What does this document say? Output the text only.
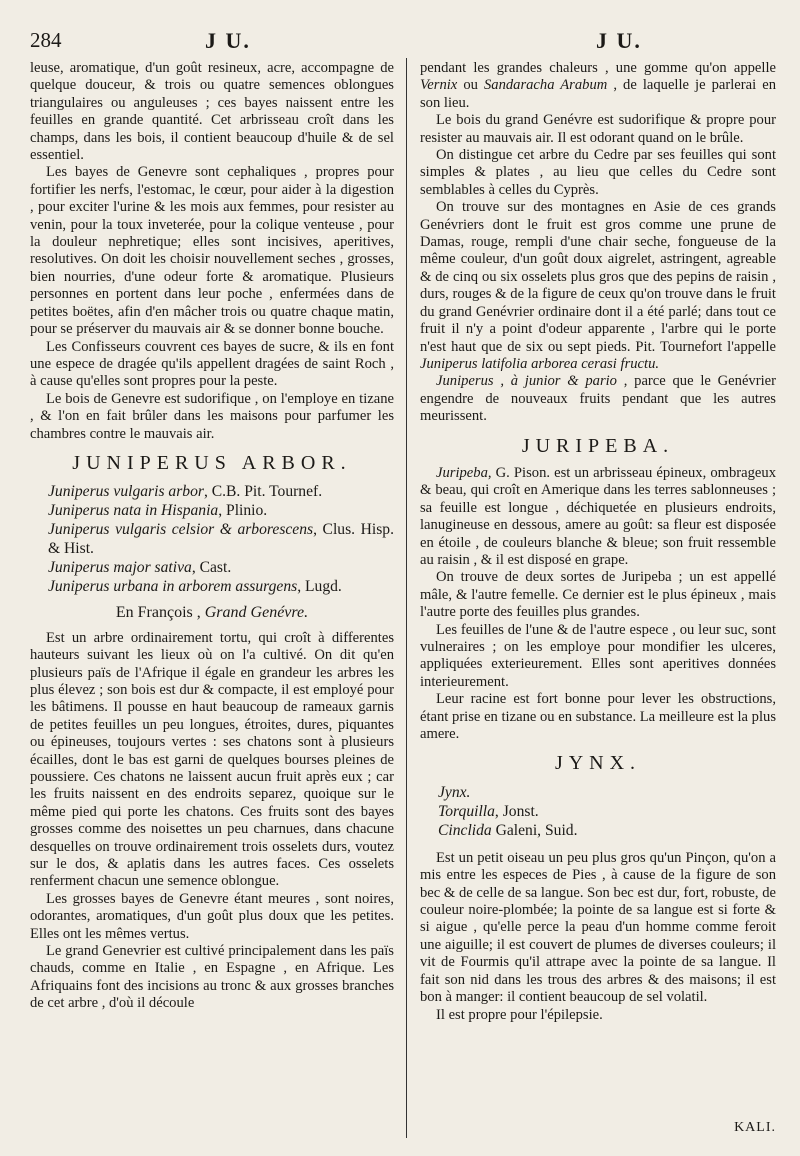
284	J U.	J U.

leuse, aromatique, d'un goût resineux, acre, accompagne de quelque douceur, & trois ou quatre semences oblongues triangulaires ou anguleuses ; ces bayes naissent entre les feuilles en grande quantité. Cet arbrisseau croît dans les champs, dans les bois, il contient beaucoup d'huile & de sel essentiel.

Les bayes de Genevre sont cephaliques , propres pour fortifier les nerfs, l'estomac, le cœur, pour aider à la digestion , pour exciter l'urine & les mois aux femmes, pour resister au venin, pour la toux inveterée, pour la colique venteuse , pour la douleur nephretique; elles sont incisives, aperitives, resolutives. On doit les choisir nouvellement seches , grosses, bien nourries, d'une odeur forte & aromatique. Plusieurs personnes en portent dans leur poche , enfermées dans de petites boëtes, afin d'en mâcher trois ou quatre chaque matin, pour se préserver du mauvais air & se donner bonne bouche.

Les Confisseurs couvrent ces bayes de sucre, & ils en font une espece de dragée qu'ils appellent dragées de saint Roch , à cause qu'elles sont propres pour la peste.

Le bois de Genevre est sudorifique , on l'employe en tizane , & l'on en fait brûler dans les maisons pour parfumer les chambres contre le mauvais air.

JUNIPERUS ARBOR.
Juniperus vulgaris arbor, C.B. Pit. Tournef.
Juniperus nata in Hispania, Plinio.
Juniperus vulgaris celsior & arborescens, Clus. Hisp. & Hist.
Juniperus major sativa, Cast.
Juniperus urbana in arborem assurgens, Lugd.
En François , Grand Genévre.

Est un arbre ordinairement tortu, qui croît à differentes hauteurs suivant les lieux où on l'a cultivé. On dit qu'en plusieurs païs de l'Afrique il égale en grandeur les arbres les plus élevez ; son bois est dur & compacte, il est employé pour les bâtimens. Il pousse en haut beaucoup de rameaux garnis de petites feuilles un peu longues, étroites, dures, piquantes ou épineuses, toujours vertes : ses chatons sont à plusieurs écailles, dont le bas est garni de quelques bourses pleines de poussiere. Ces chatons ne laissent aucun fruit après eux ; car les fruits naissent en des endroits separez, quoique sur le même pied qui porte les chatons. Ces fruits sont des bayes grosses comme des noisettes un peu charnues, dans chacune desquelles on trouve ordinairement trois osselets durs, voutez sur le dos, & aplatis dans les autres faces. Ces osselets renferment chacun une semence oblongue.

Les grosses bayes de Genevre étant meures , sont noires, odorantes, aromatiques, d'un goût plus doux que les petites. Elles ont les mêmes vertus.

Le grand Genevrier est cultivé principalement dans les païs chauds, comme en Italie , en Espagne , en Afrique. Les Afriquains font des incisions au tronc & aux grosses branches de cet arbre , d'où il découle

pendant les grandes chaleurs , une gomme qu'on appelle Vernix ou Sandaracha Arabum , de laquelle je parlerai en son lieu.

Le bois du grand Genévre est sudorifique & propre pour resister au mauvais air. Il est odorant quand on le brûle.

On distingue cet arbre du Cedre par ses feuilles qui sont simples & plates , au lieu que celles du Cedre sont semblables à celles du Cyprès.

On trouve sur des montagnes en Asie de ces grands Genévriers dont le fruit est gros comme une prune de Damas, rouge, rempli d'une chair seche, fongueuse de la même couleur, d'un goût doux aigrelet, astringent, agreable & de cinq ou six osselets plus gros que des pepins de raisin , durs, rouges & de la figure de ceux qu'on trouve dans le fruit du grand Genévrier ordinaire dont il a été parlé; dans tout ce fruit il n'y a point d'odeur apparente , l'arbre qui le porte n'est haut que de six ou sept pieds. Pit. Tournefort l'appelle Juniperus latifolia arborea cerasi fructu.

Juniperus , à junior & pario , parce que le Genévrier engendre de nouveaux fruits pendant que les autres meurissent.

JURIPEBA.

Juripeba, G. Pison. est un arbrisseau épineux, ombrageux & beau, qui croît en Amerique dans les terres sablonneuses ; sa feuille est longue , déchiquetée en plusieurs endroits, lanugineuse en dessous, amere au goût: sa fleur est disposée en étoile , de couleurs blanche & bleue; son fruit ressemble au raisin , & il est disposé en grape.

On trouve de deux sortes de Juripeba ; un est appellé mâle, & l'autre femelle. Ce dernier est le plus épineux , mais l'autre porte des feuilles plus grandes.

Les feuilles de l'une & de l'autre espece , ou leur suc, sont vulneraires ; on les employe pour mondifier les ulceres, appliquées exterieurement. Elles sont aperitives données interieurement.

Leur racine est fort bonne pour lever les obstructions, étant prise en tizane ou en substance. La meilleure est la plus amere.

JYNX.
Jynx.
Torquilla, Jonst.
Cinclida Galeni, Suid.

Est un petit oiseau un peu plus gros qu'un Pinçon, qu'on a mis entre les especes de Pies , à cause de la figure de son bec & de celle de sa langue. Son bec est dur, fort, robuste, de couleur noire-plombée; la pointe de sa langue est si forte & si aigue , qu'elle perce la peau d'un homme comme feroit une aiguille; il est couvert de plumes de diverses couleurs; il vit de Fourmis qu'il attrape avec la pointe de sa langue. Il fait son nid dans les trous des arbres & des maisons; il est bon à manger: il contient beaucoup de sel volatil.

Il est propre pour l'épilepsie.

KALI.
